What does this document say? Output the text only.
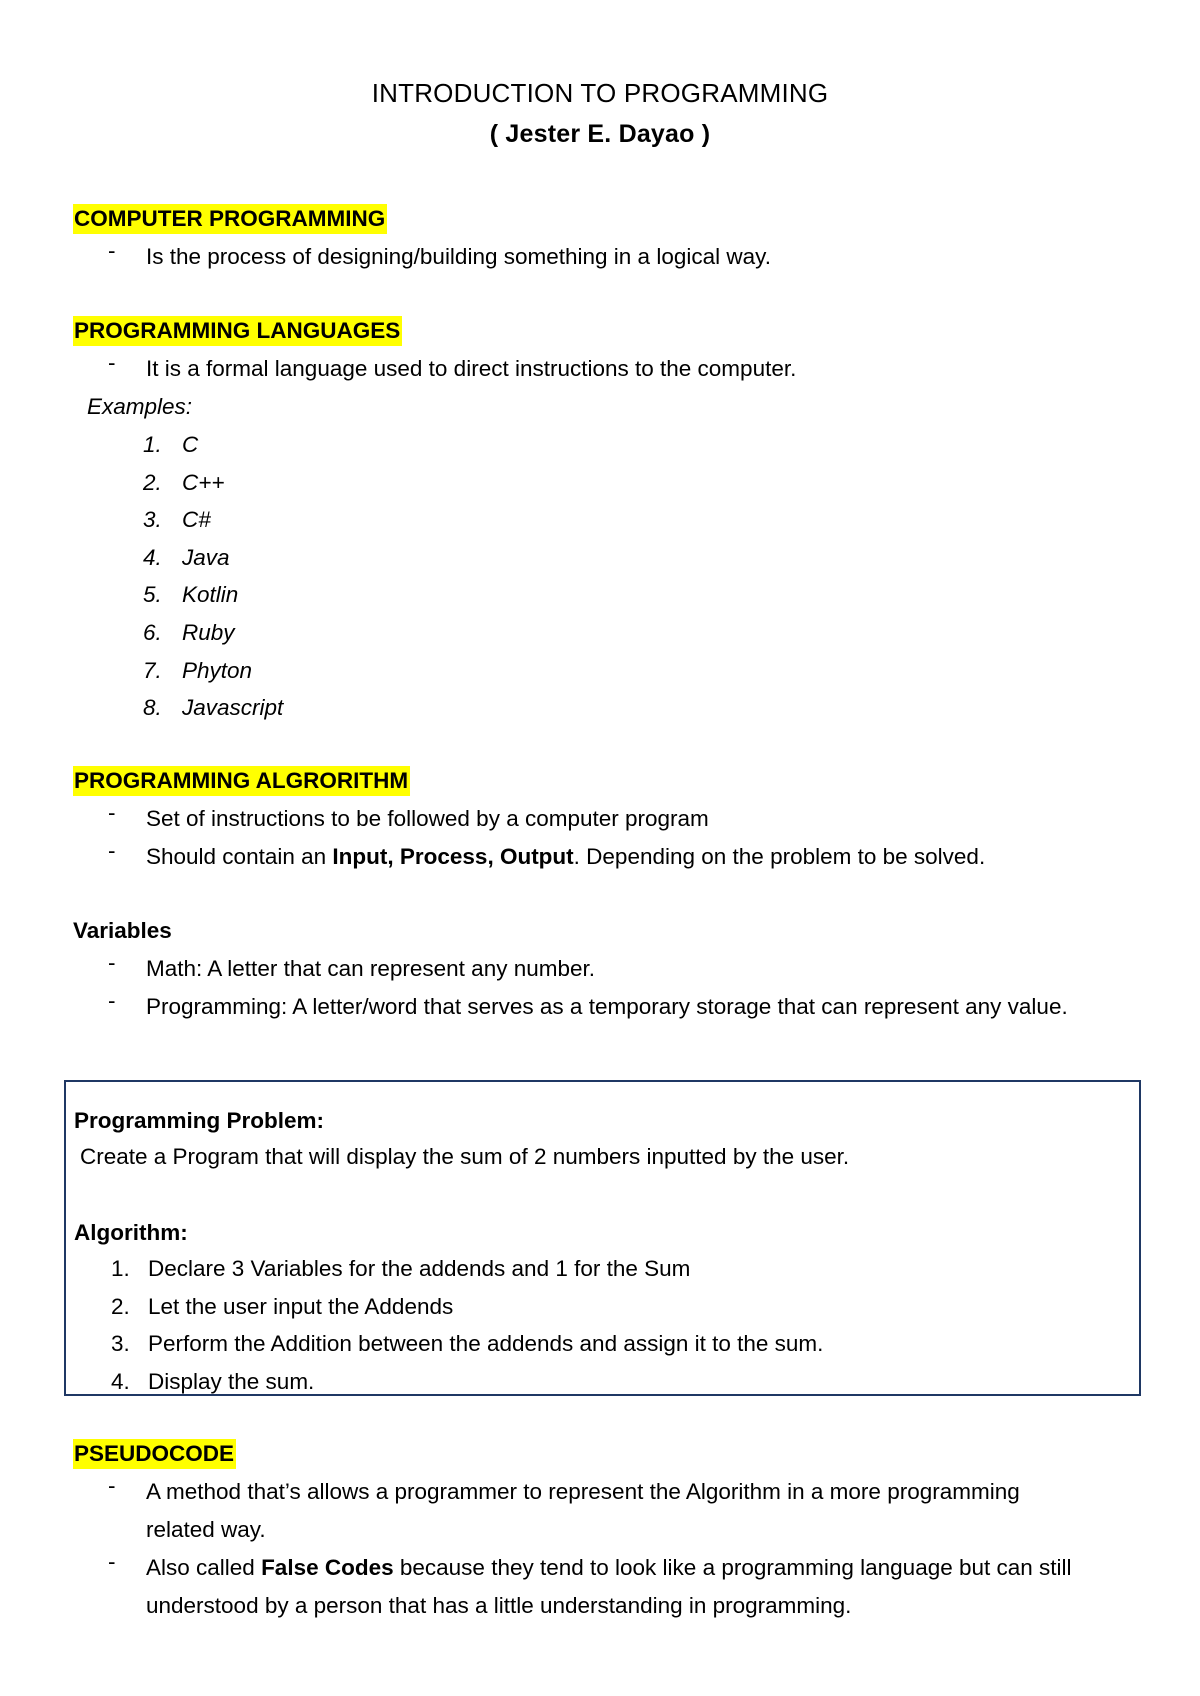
INTRODUCTION TO PROGRAMMING
( Jester E. Dayao )
COMPUTER PROGRAMMING
- Is the process of designing/building something in a logical way.
PROGRAMMING LANGUAGES
- It is a formal language used to direct instructions to the computer.
Examples:
1. C
2. C++
3. C#
4. Java
5. Kotlin
6. Ruby
7. Phyton
8. Javascript
PROGRAMMING ALGRORITHM
- Set of instructions to be followed by a computer program
- Should contain an Input, Process, Output. Depending on the problem to be solved.
Variables
- Math: A letter that can represent any number.
- Programming: A letter/word that serves as a temporary storage that can represent any value.
Programming Problem:
Create a Program that will display the sum of 2 numbers inputted by the user.
Algorithm:
1. Declare 3 Variables for the addends and 1 for the Sum
2. Let the user input the Addends
3. Perform the Addition between the addends and assign it to the sum.
4. Display the sum.
PSEUDOCODE
- A method that’s allows a programmer to represent the Algorithm in a more programming related way.
- Also called False Codes because they tend to look like a programming language but can still understood by a person that has a little understanding in programming.
